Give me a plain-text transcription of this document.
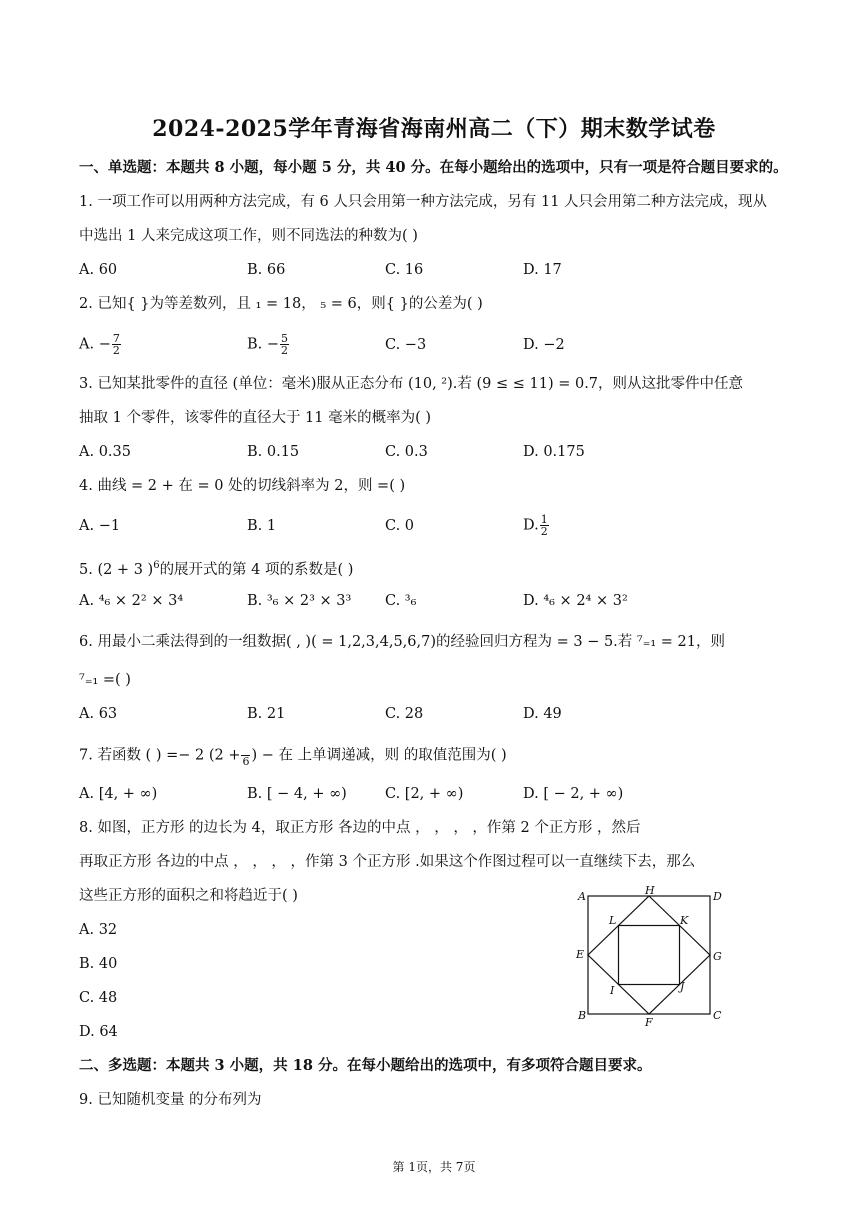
2024-2025学年青海省海南州高二（下）期末数学试卷
一、单选题：本题共 8 小题，每小题 5 分，共 40 分。在每小题给出的选项中，只有一项是符合题目要求的。
1. 一项工作可以用两种方法完成，有 6 人只会用第一种方法完成，另有 11 人只会用第二种方法完成，现从
中选出 1 人来完成这项工作，则不同选法的种数为( )
A. 60	B. 66	C. 16	D. 17
2. 已知{ }为等差数列，且 ₁ = 18， ₅ = 6，则{ }的公差为( )
A. − $\frac{7}{2}$	B. − $\frac{5}{2}$	C. −3	D. −2
3. 已知某批零件的直径 (单位：毫米)服从正态分布 (10, ²).若 (9 ≤ ≤ 11) = 0.7，则从这批零件中任意
抽取 1 个零件，该零件的直径大于 11 毫米的概率为( )
A. 0.35	B. 0.15	C. 0.3	D. 0.175
4. 曲线 = 2 + 在 = 0 处的切线斜率为 2，则 =( )
A. −1	B. 1	C. 0	D. $\frac{1}{2}$
5. (2 + 3 )$^6$的展开式的第 4 项的系数是( )
A. ⁴₆ × 2² × 3⁴	B. ³₆ × 2³ × 3³ C. ³₆	D. ⁴₆ × 2⁴ × 3²
6. 用最小二乘法得到的一组数据( , )( = 1,2,3,4,5,6,7)的经验回归方程为 = 3 − 5.若 ⁷₌₁ = 21，则
⁷₌₁ =( )
A. 63	B. 21	C. 28	D. 49
7. 若函数 ( ) =− 2 (2 +
6 ) − 在 上单调递减，则 的取值范围为( )
A. [4, + ∞)	B. [ − 4, + ∞)	C. [2, + ∞)	D. [ − 2, + ∞)
8. 如图，正方形 的边长为 4，取正方形 各边的中点 ， ， ， ，作第 2 个正方形 ，然后
再取正方形 各边的中点 ， ， ， ，作第 3 个正方形 .如果这个作图过程可以一直继续下去，那么
这些正方形的面积之和将趋近于( )
A. 32
B. 40
C. 48
D. 64
A
B	C
D
E
F
G
H
I	J
K
L
二、多选题：本题共 3 小题，共 18 分。在每小题给出的选项中，有多项符合题目要求。
9. 已知随机变量 的分布列为
第 1页，共 7页
